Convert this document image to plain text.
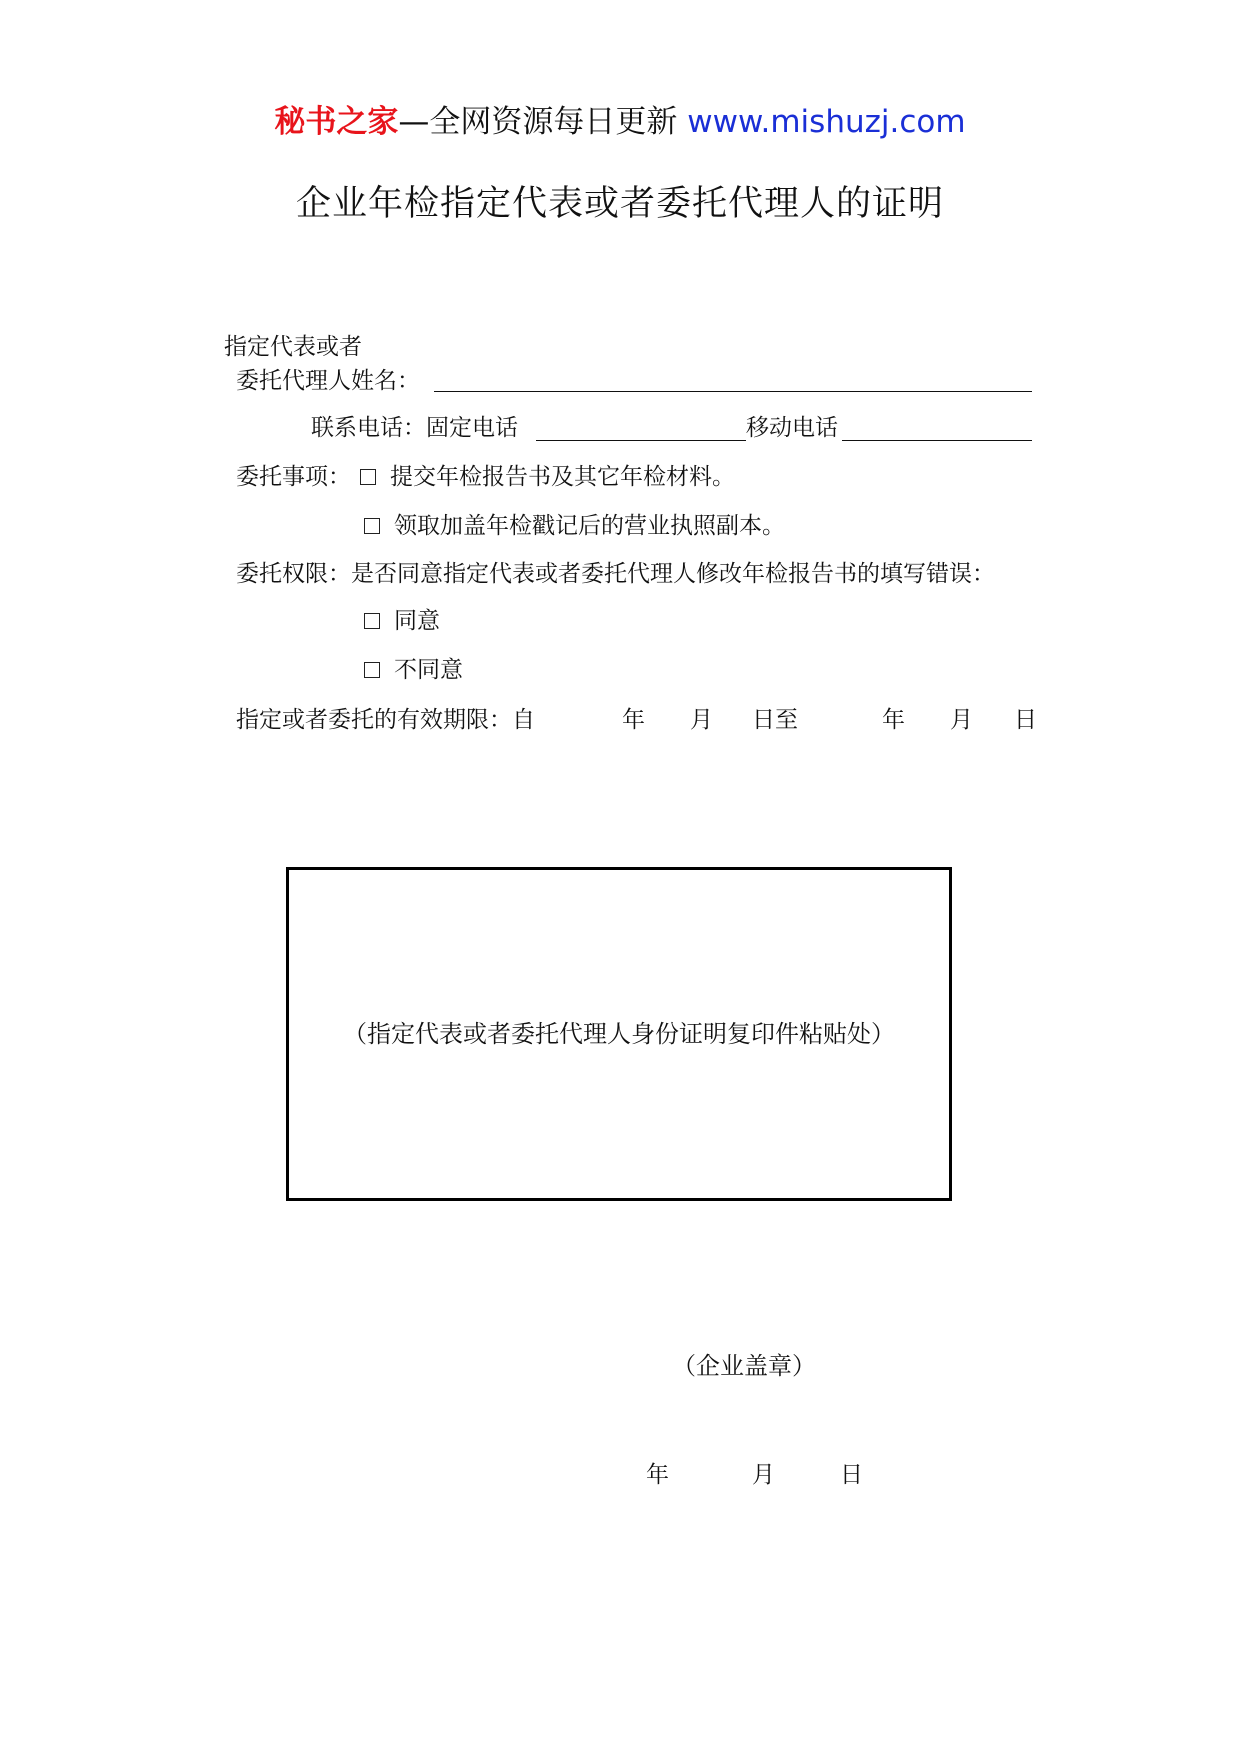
秘书之家—全网资源每日更新 www.mishuzj.com
企业年检指定代表或者委托代理人的证明
指定代表或者
委托代理人姓名：
联系电话：固定电话	移动电话
委托事项：	提交年检报告书及其它年检材料。
领取加盖年检戳记后的营业执照副本。
委托权限：是否同意指定代表或者委托代理人修改年检报告书的填写错误：
同意
不同意
指定或者委托的有效期限：自	年 月 日至	年 月 日
（指定代表或者委托代理人身份证明复印件粘贴处）
（企业盖章）
年	月	日
